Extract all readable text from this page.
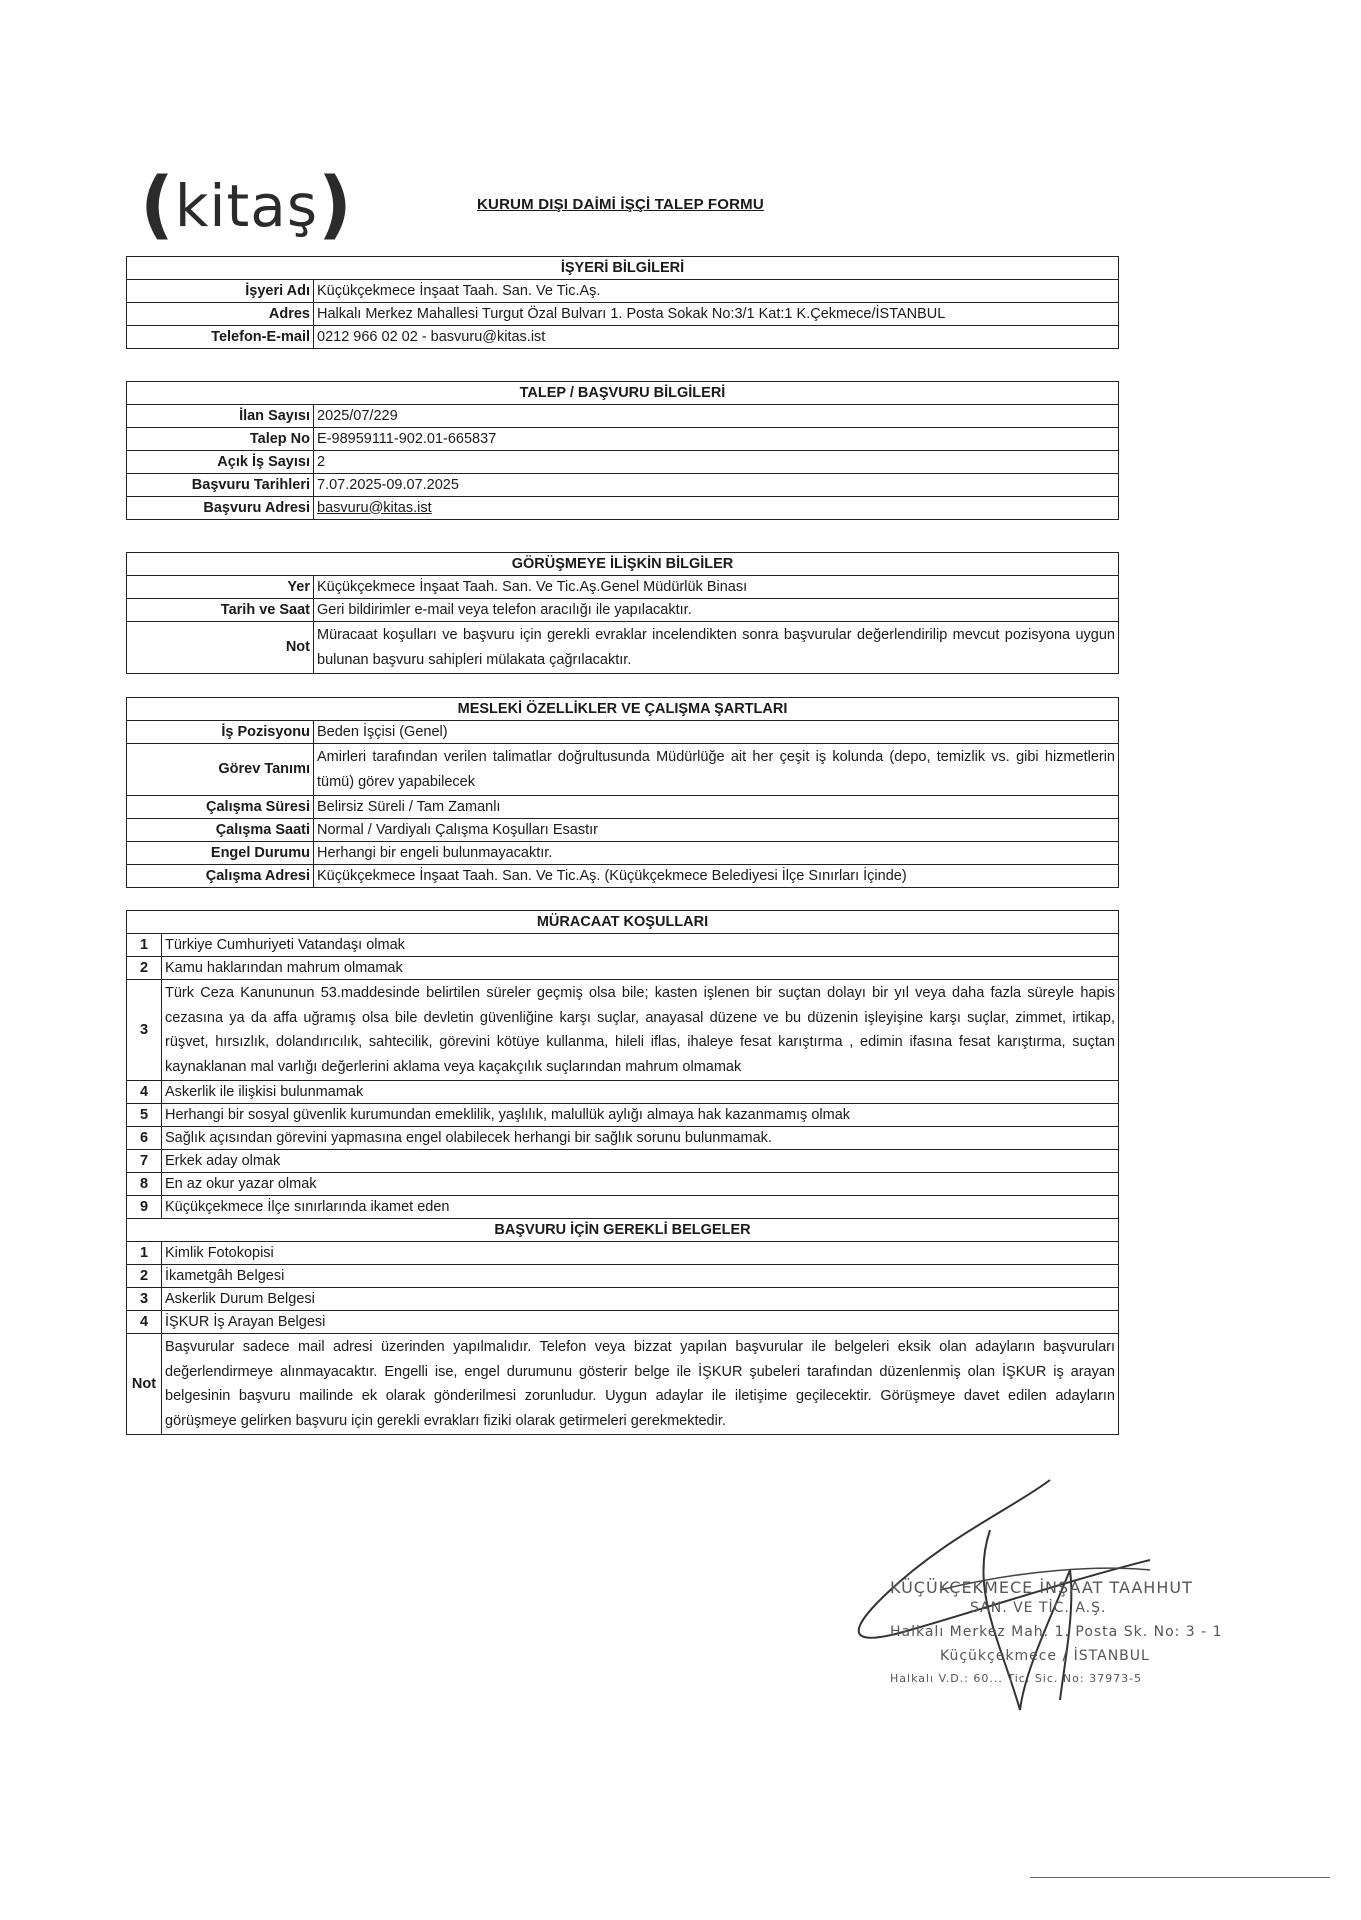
(kitaş)	KURUM DIŞI DAİMİ İŞÇİ TALEP FORMU
İŞYERİ BİLGİLERİ	
İşyeri Adı	Küçükçekmece İnşaat Taah. San. Ve Tic.Aş.
Adres	Halkalı Merkez Mahallesi Turgut Özal Bulvarı 1. Posta Sokak No:3/1 Kat:1 K.Çekmece/İSTANBUL
Telefon-E-mail	0212 966 02 02 - basvuru@kitas.ist
TALEP / BAŞVURU BİLGİLERİ	
İlan Sayısı	2025/07/229
Talep No	E-98959111-902.01-665837
Açık İş Sayısı	2
Başvuru Tarihleri	7.07.2025-09.07.2025
Başvuru Adresi	basvuru@kitas.ist
GÖRÜŞMEYE İLİŞKİN BİLGİLER	
Yer	Küçükçekmece İnşaat Taah. San. Ve Tic.Aş.Genel Müdürlük Binası
Tarih ve Saat	Geri bildirimler e-mail veya telefon aracılığı ile yapılacaktır.
Not	Müracaat koşulları ve başvuru için gerekli evraklar incelendikten sonra başvurular değerlendirilip mevcut pozisyona uygun bulunan başvuru sahipleri mülakata çağrılacaktır.
MESLEKİ ÖZELLİKLER VE ÇALIŞMA ŞARTLARI	
İş Pozisyonu	Beden İşçisi (Genel)
Görev Tanımı	Amirleri tarafından verilen talimatlar doğrultusunda Müdürlüğe ait her çeşit iş kolunda (depo, temizlik vs. gibi hizmetlerin tümü) görev yapabilecek
Çalışma Süresi	Belirsiz Süreli / Tam Zamanlı
Çalışma Saati	Normal / Vardiyalı Çalışma Koşulları Esastır
Engel Durumu	Herhangi bir engeli bulunmayacaktır.
Çalışma Adresi	Küçükçekmece İnşaat Taah. San. Ve Tic.Aş. (Küçükçekmece Belediyesi İlçe Sınırları İçinde)
MÜRACAAT KOŞULLARI	
1	Türkiye Cumhuriyeti Vatandaşı olmak
2	Kamu haklarından mahrum olmamak
3	Türk Ceza Kanununun 53.maddesinde belirtilen süreler geçmiş olsa bile; kasten işlenen bir suçtan dolayı bir yıl veya daha fazla süreyle hapis cezasına ya da affa uğramış olsa bile devletin güvenliğine karşı suçlar, anayasal düzene ve bu düzenin işleyişine karşı suçlar, zimmet, irtikap, rüşvet, hırsızlık, dolandırıcılık, sahtecilik, görevini kötüye kullanma, hileli iflas, ihaleye fesat karıştırma , edimin ifasına fesat karıştırma, suçtan kaynaklanan mal varlığı değerlerini aklama veya kaçakçılık suçlarından mahrum olmamak
4	Askerlik ile ilişkisi bulunmamak
5	Herhangi bir sosyal güvenlik kurumundan emeklilik, yaşlılık, malullük aylığı almaya hak kazanmamış olmak
6	Sağlık açısından görevini yapmasına engel olabilecek herhangi bir sağlık sorunu bulunmamak.
7	Erkek aday olmak
8	En az okur yazar olmak
9	Küçükçekmece İlçe sınırlarında ikamet eden
BAŞVURU İÇİN GEREKLİ BELGELER	
1	Kimlik Fotokopisi
2	İkametgâh Belgesi
3	Askerlik Durum Belgesi
4	İŞKUR İş Arayan Belgesi
Not	Başvurular sadece mail adresi üzerinden yapılmalıdır. Telefon veya bizzat yapılan başvurular ile belgeleri eksik olan adayların başvuruları değerlendirmeye alınmayacaktır. Engelli ise, engel durumunu gösterir belge ile İŞKUR şubeleri tarafından düzenlenmiş olan İŞKUR iş arayan belgesinin başvuru mailinde ek olarak gönderilmesi zorunludur. Uygun adaylar ile iletişime geçilecektir. Görüşmeye davet edilen adayların görüşmeye gelirken başvuru için gerekli evrakları fiziki olarak getirmeleri gerekmektedir.
KÜÇÜKÇEKMECE İNŞAAT TAAHHUT
SAN. VE TİC. A.Ş.
Halkalı Merkez Mah. 1. Posta Sk. No: 3 - 1
Küçükçekmece / İSTANBUL
Halkalı V.D.: 60... Tic. Sic. No: 37973-5
